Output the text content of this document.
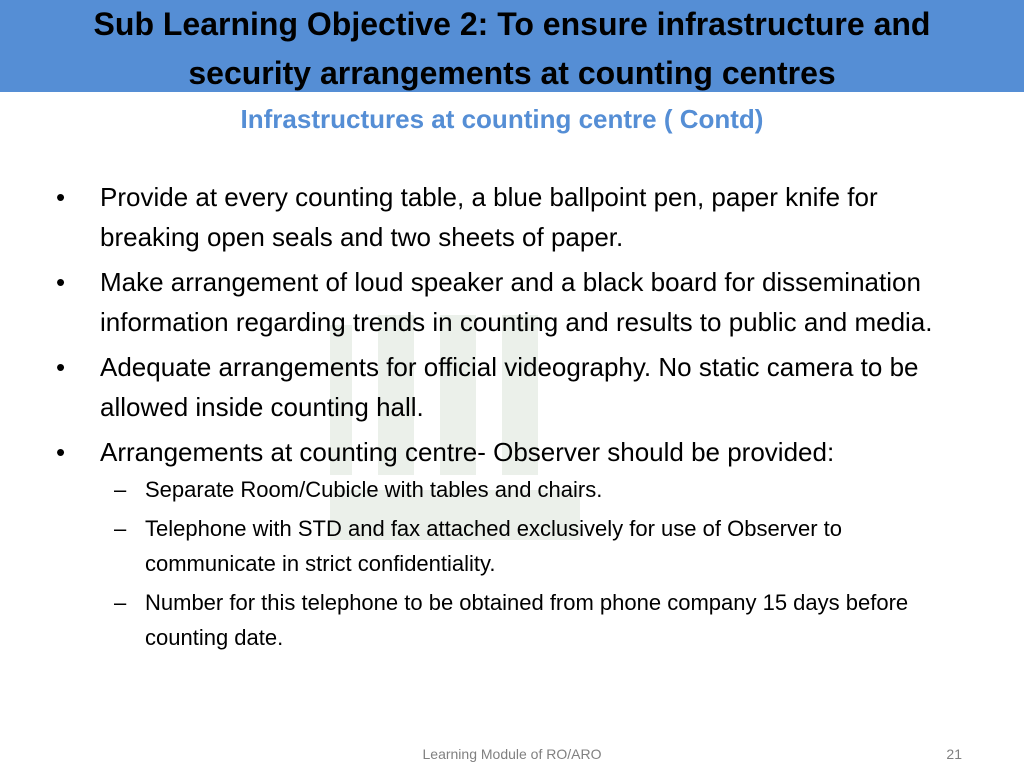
Sub Learning Objective 2: To ensure infrastructure and
security arrangements at counting centres
Infrastructures at counting centre ( Contd)
•	Provide at every counting table, a blue ballpoint pen, paper knife for breaking open seals and two sheets of paper.
•	Make arrangement of loud speaker and a black board for dissemination information regarding trends in counting and results to public and media.
•	Adequate arrangements for official videography. No static camera to be allowed inside counting hall.
•	Arrangements at counting centre- Observer should be provided:
– Separate Room/Cubicle with tables and chairs.
– Telephone with STD and fax attached exclusively for use of Observer to communicate in strict confidentiality.
– Number for this telephone to be obtained from phone company 15 days before counting date.
Learning Module of RO/ARO	21
